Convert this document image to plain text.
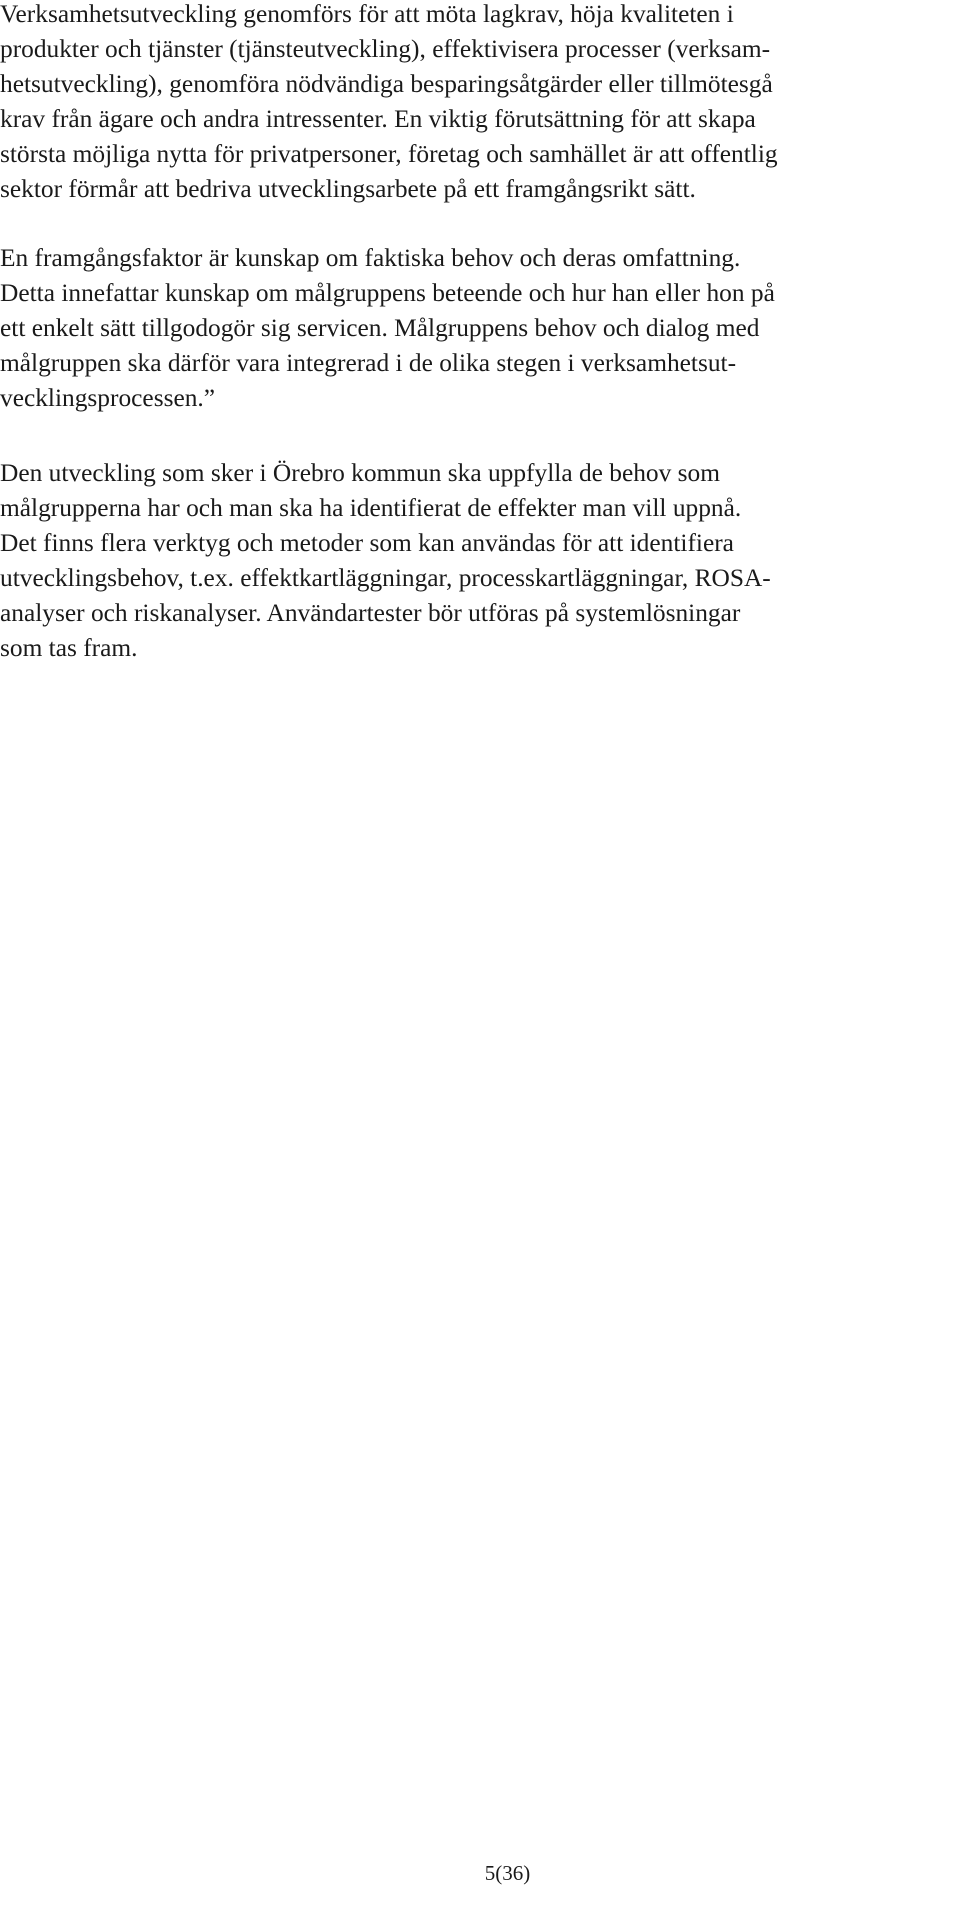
Verksamhetsutveckling genomförs för att möta lagkrav, höja kvaliteten i
produkter och tjänster (tjänsteutveckling), effektivisera processer (verksam-
hetsutveckling), genomföra nödvändiga besparingsåtgärder eller tillmötesgå
krav från ägare och andra intressenter. En viktig förutsättning för att skapa
största möjliga nytta för privatpersoner, företag och samhället är att offentlig
sektor förmår att bedriva utvecklingsarbete på ett framgångsrikt sätt.

En framgångsfaktor är kunskap om faktiska behov och deras omfattning.
Detta innefattar kunskap om målgruppens beteende och hur han eller hon på
ett enkelt sätt tillgodogör sig servicen. Målgruppens behov och dialog med
målgruppen ska därför vara integrerad i de olika stegen i verksamhetsut-
vecklingsprocessen.”

Den utveckling som sker i Örebro kommun ska uppfylla de behov som
målgrupperna har och man ska ha identifierat de effekter man vill uppnå.
Det finns flera verktyg och metoder som kan användas för att identifiera
utvecklingsbehov, t.ex. effektkartläggningar, processkartläggningar, ROSA-
analyser och riskanalyser. Användartester bör utföras på systemlösningar
som tas fram.

5(36)
